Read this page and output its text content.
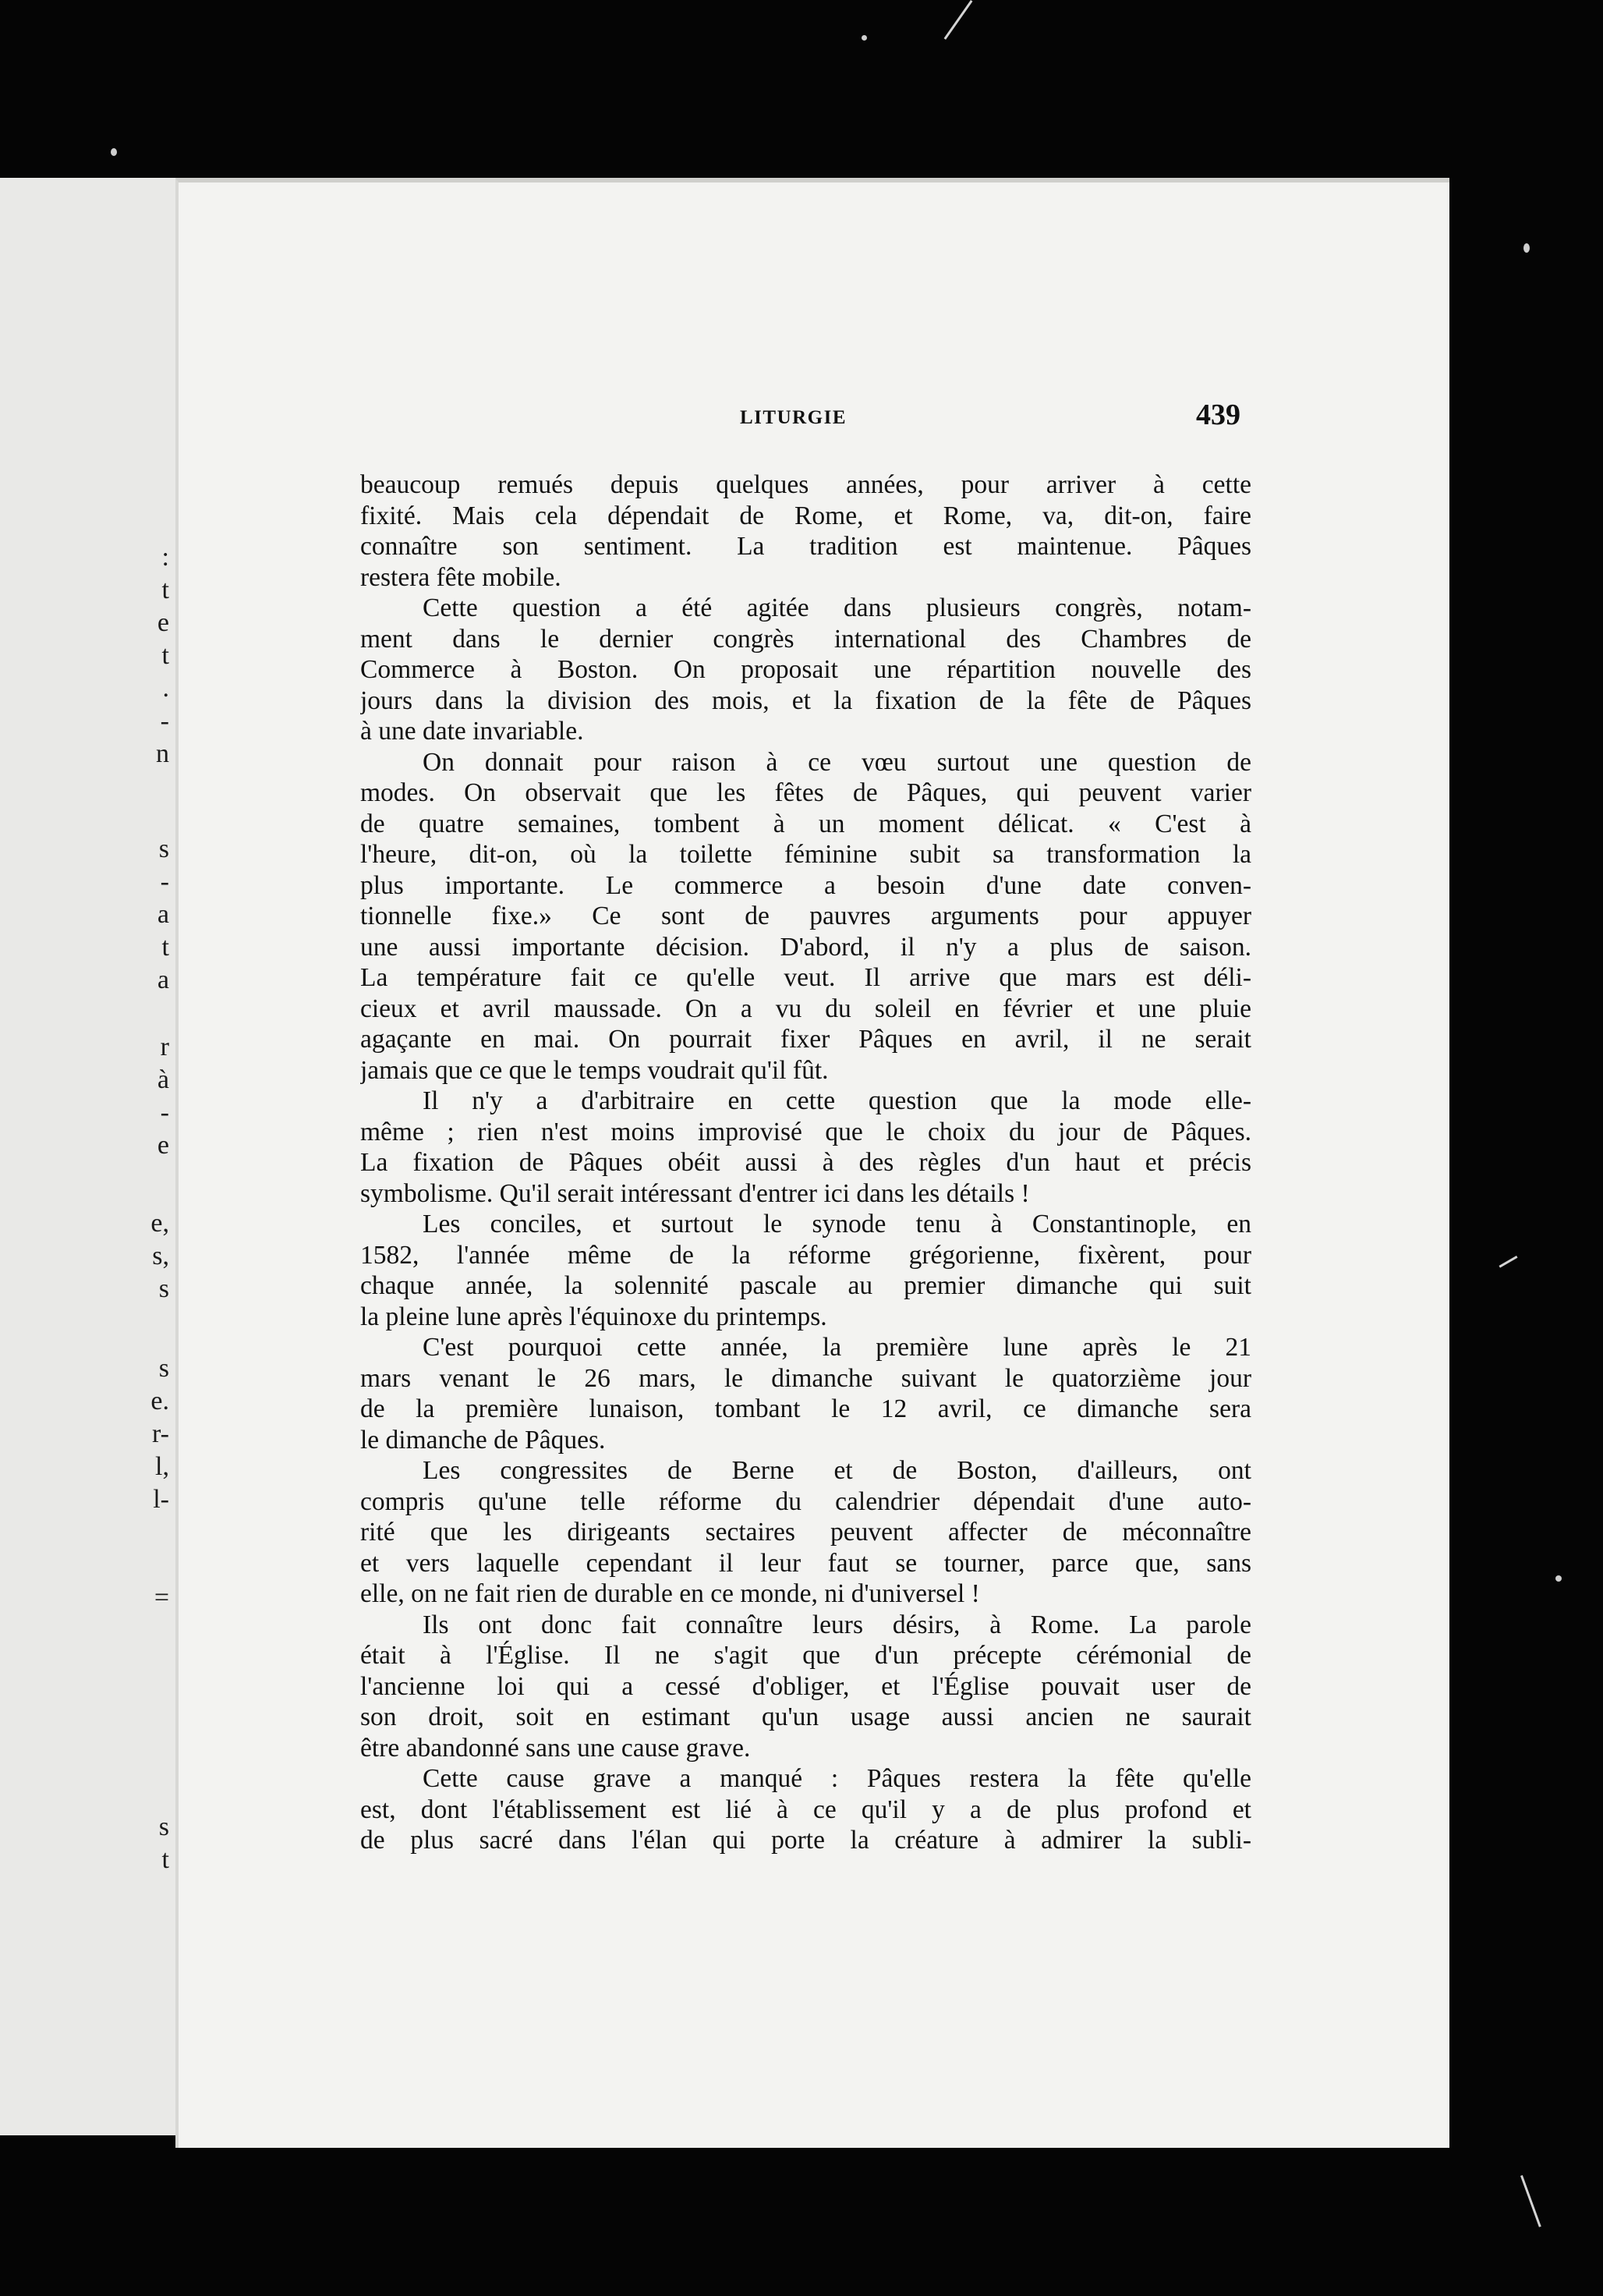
:
t
e
t
.
-
n
s
-
a
t
a
r
à
-
e
e,
s,
s
s
e.
r-
l,
l-
=
s
t
LITURGIE	439
beaucoup remués depuis quelques années, pour arriver à cette
fixité. Mais cela dépendait de Rome, et Rome, va, dit-on, faire
connaître son sentiment. La tradition est maintenue. Pâques
restera fête mobile.
Cette question a été agitée dans plusieurs congrès, notam-
ment dans le dernier congrès international des Chambres de
Commerce à Boston. On proposait une répartition nouvelle des
jours dans la division des mois, et la fixation de la fête de Pâques
à une date invariable.
On donnait pour raison à ce vœu surtout une question de
modes. On observait que les fêtes de Pâques, qui peuvent varier
de quatre semaines, tombent à un moment délicat. « C'est à
l'heure, dit-on, où la toilette féminine subit sa transformation la
plus importante. Le commerce a besoin d'une date conven-
tionnelle fixe.» Ce sont de pauvres arguments pour appuyer
une aussi importante décision. D'abord, il n'y a plus de saison.
La température fait ce qu'elle veut. Il arrive que mars est déli-
cieux et avril maussade. On a vu du soleil en février et une pluie
agaçante en mai. On pourrait fixer Pâques en avril, il ne serait
jamais que ce que le temps voudrait qu'il fût.
Il n'y a d'arbitraire en cette question que la mode elle-
même ; rien n'est moins improvisé que le choix du jour de Pâques.
La fixation de Pâques obéit aussi à des règles d'un haut et précis
symbolisme. Qu'il serait intéressant d'entrer ici dans les détails !
Les conciles, et surtout le synode tenu à Constantinople, en
1582, l'année même de la réforme grégorienne, fixèrent, pour
chaque année, la solennité pascale au premier dimanche qui suit
la pleine lune après l'équinoxe du printemps.
C'est pourquoi cette année, la première lune après le 21
mars venant le 26 mars, le dimanche suivant le quatorzième jour
de la première lunaison, tombant le 12 avril, ce dimanche sera
le dimanche de Pâques.
Les congressites de Berne et de Boston, d'ailleurs, ont
compris qu'une telle réforme du calendrier dépendait d'une auto-
rité que les dirigeants sectaires peuvent affecter de méconnaître
et vers laquelle cependant il leur faut se tourner, parce que, sans
elle, on ne fait rien de durable en ce monde, ni d'universel !
Ils ont donc fait connaître leurs désirs, à Rome. La parole
était à l'Église. Il ne s'agit que d'un précepte cérémonial de
l'ancienne loi qui a cessé d'obliger, et l'Église pouvait user de
son droit, soit en estimant qu'un usage aussi ancien ne saurait
être abandonné sans une cause grave.
Cette cause grave a manqué : Pâques restera la fête qu'elle
est, dont l'établissement est lié à ce qu'il y a de plus profond et
de plus sacré dans l'élan qui porte la créature à admirer la subli-
